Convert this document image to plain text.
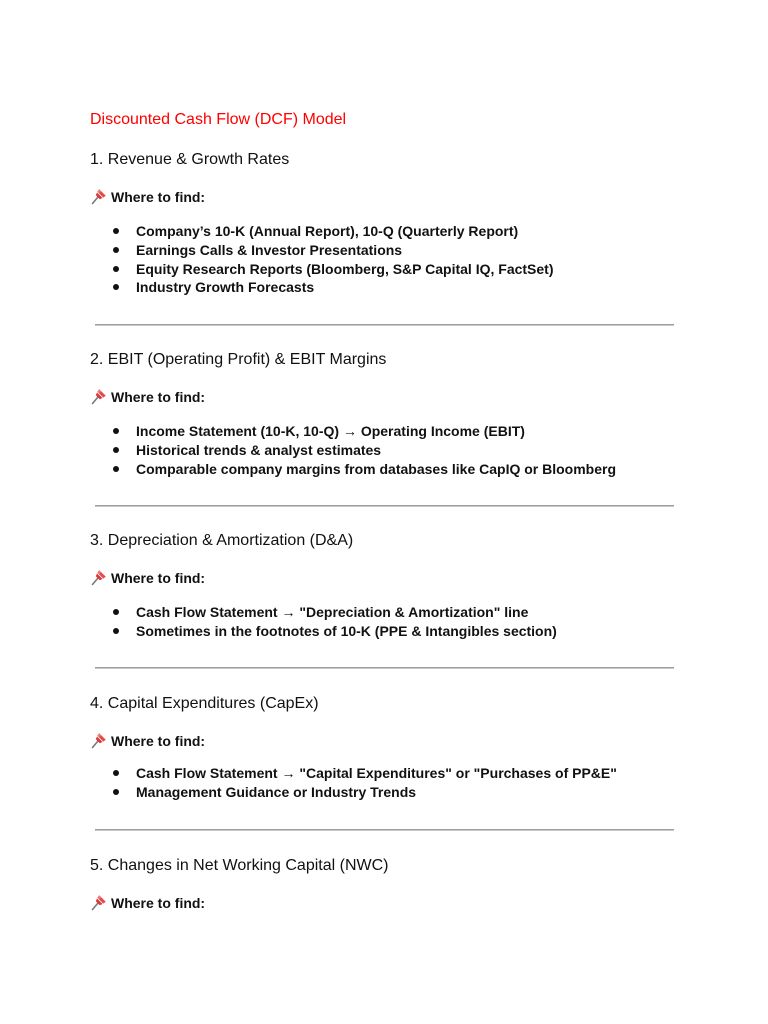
Discounted Cash Flow (DCF) Model
1. Revenue & Growth Rates
Where to find:
Company’s 10-K (Annual Report), 10-Q (Quarterly Report)
Earnings Calls & Investor Presentations
Equity Research Reports (Bloomberg, S&P Capital IQ, FactSet)
Industry Growth Forecasts
2. EBIT (Operating Profit) & EBIT Margins
Where to find:
Income Statement (10-K, 10-Q) → Operating Income (EBIT)
Historical trends & analyst estimates
Comparable company margins from databases like CapIQ or Bloomberg
3. Depreciation & Amortization (D&A)
Where to find:
Cash Flow Statement → "Depreciation & Amortization" line
Sometimes in the footnotes of 10-K (PPE & Intangibles section)
4. Capital Expenditures (CapEx)
Where to find:
Cash Flow Statement → "Capital Expenditures" or "Purchases of PP&E"
Management Guidance or Industry Trends
5. Changes in Net Working Capital (NWC)
Where to find:
